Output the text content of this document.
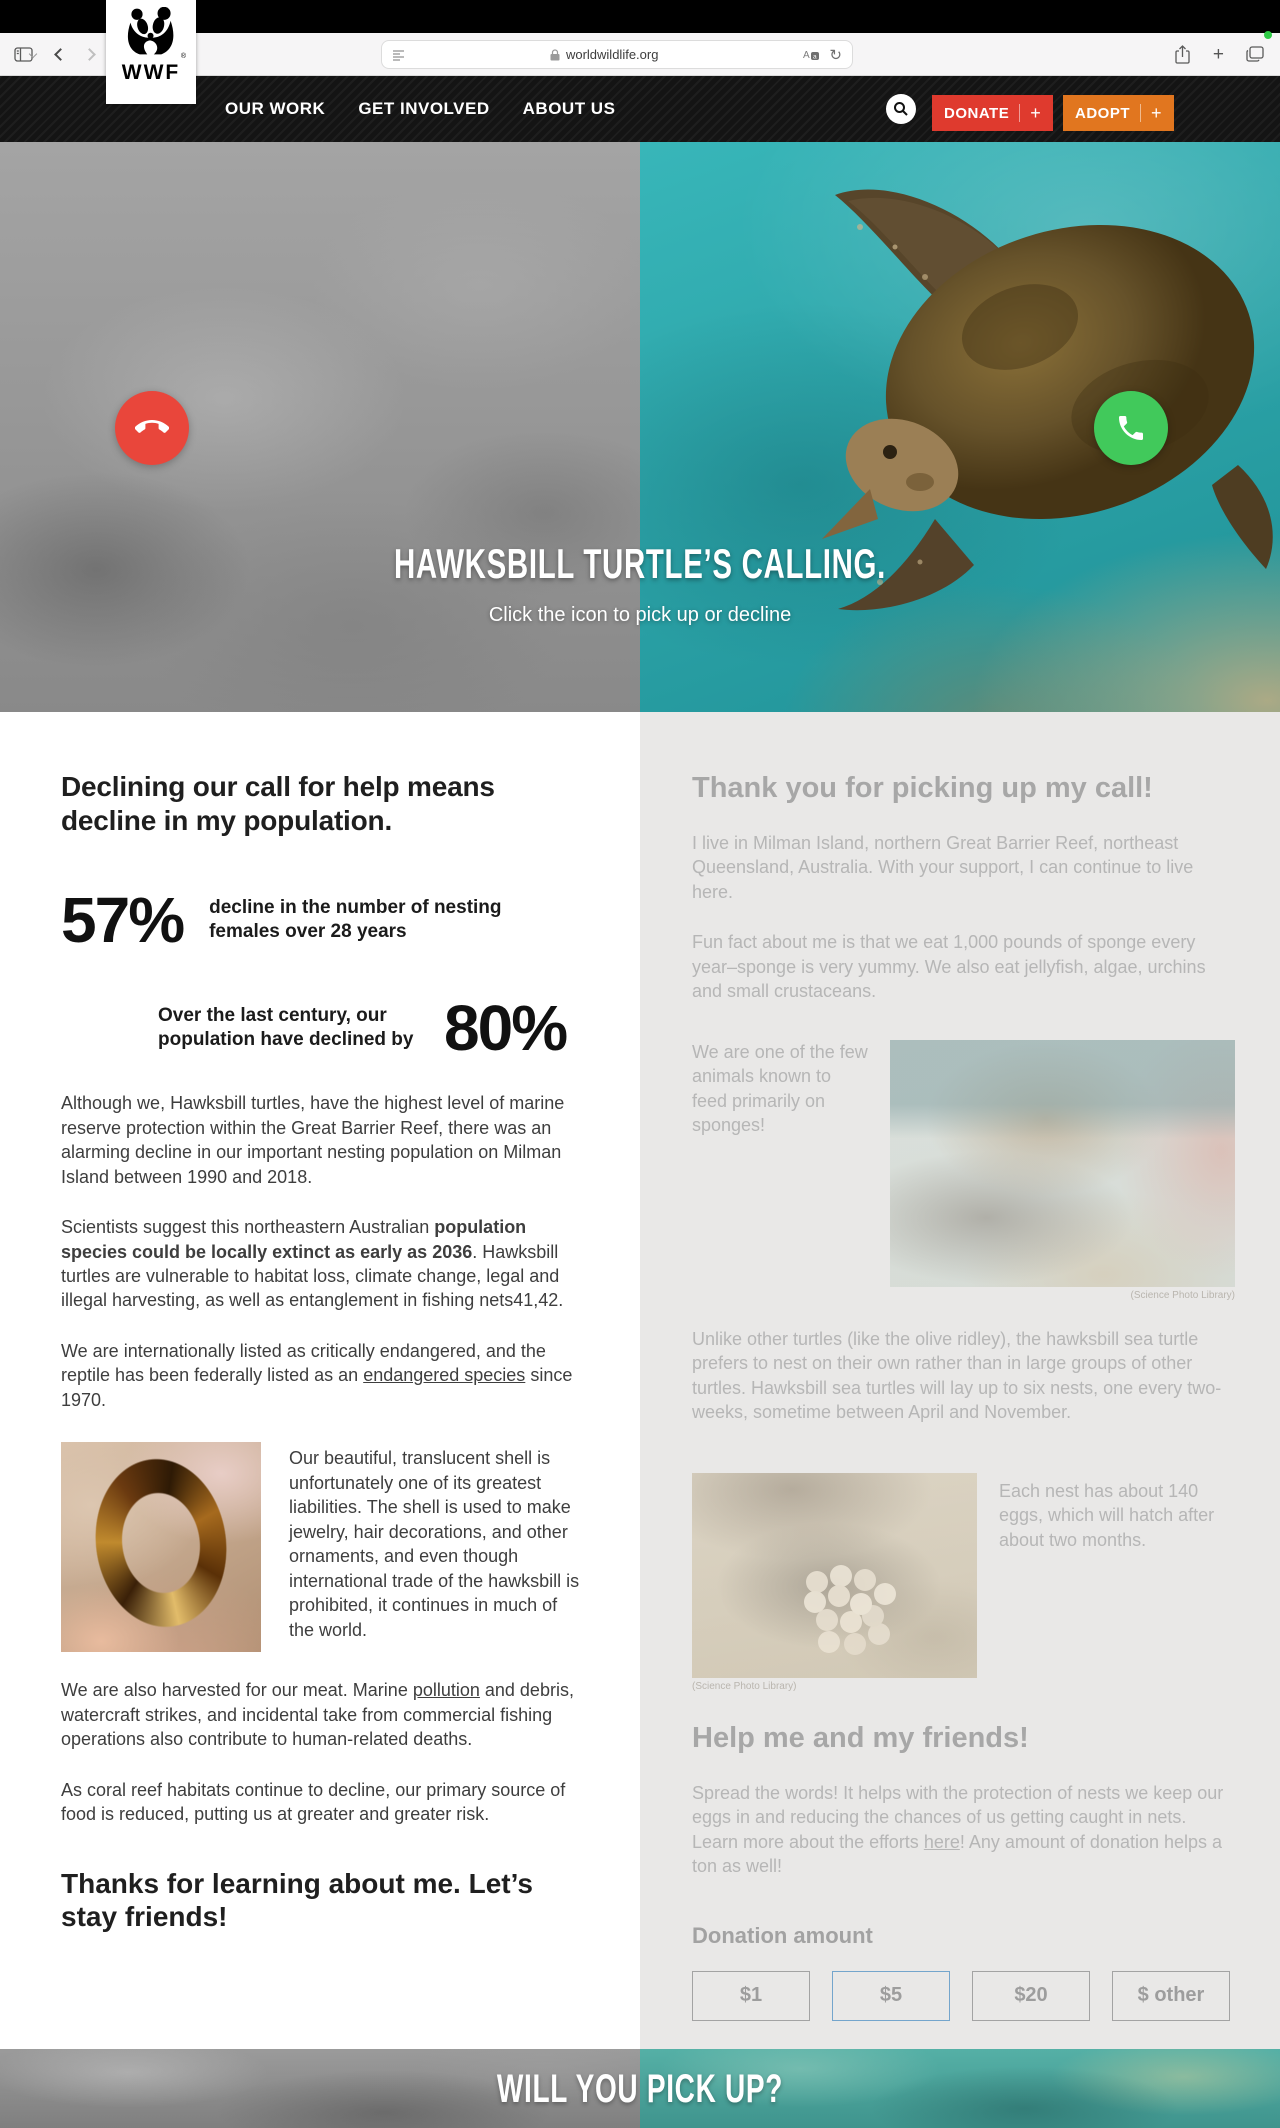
worldwildlife.org	A a ↻	+
OUR WORK GET INVOLVED ABOUT US	DONATE + ADOPT +
®
WWF
HAWKSBILL TURTLE’S CALLING.
Click the icon to pick up or decline
Declining our call for help means decline in my population.
57% decline in the number of nesting females over 28 years
Over the last century, our population have declined by 80%

Although we, Hawksbill turtles, have the highest level of marine reserve protection within the Great Barrier Reef, there was an alarming decline in our important nesting population on Milman Island between 1990 and 2018.

Scientists suggest this northeastern Australian population species could be locally extinct as early as 2036. Hawksbill turtles are vulnerable to habitat loss, climate change, legal and illegal harvesting, as well as entanglement in fishing nets41,42.

We are internationally listed as critically endangered, and the reptile has been federally listed as an endangered species since 1970.

Our beautiful, translucent shell is unfortunately one of its greatest liabilities. The shell is used to make jewelry, hair decorations, and other ornaments, and even though international trade of the hawksbill is prohibited, it continues in much of the world.

We are also harvested for our meat. Marine pollution and debris, watercraft strikes, and incidental take from commercial fishing operations also contribute to human-related deaths.

As coral reef habitats continue to decline, our primary source of food is reduced, putting us at greater and greater risk.

Thanks for learning about me. Let’s stay friends!
Thank you for picking up my call!

I live in Milman Island, northern Great Barrier Reef, northeast Queensland, Australia. With your support, I can continue to live here.

Fun fact about me is that we eat 1,000 pounds of sponge every year–sponge is very yummy. We also eat jellyfish, algae, urchins and small crustaceans.

We are one of the few animals known to feed primarily on sponges!

(Science Photo Library)

Unlike other turtles (like the olive ridley), the hawksbill sea turtle prefers to nest on their own rather than in large groups of other turtles. Hawksbill sea turtles will lay up to six nests, one every two-weeks, sometime between April and November.

(Science Photo Library)

Each nest has about 140 eggs, which will hatch after about two months.

Help me and my friends!

Spread the words! It helps with the protection of nests we keep our eggs in and reducing the chances of us getting caught in nets. Learn more about the efforts here! Any amount of donation helps a ton as well!

Donation amount
$1	$5	$20	$ other
WILL YOU PICK UP?
